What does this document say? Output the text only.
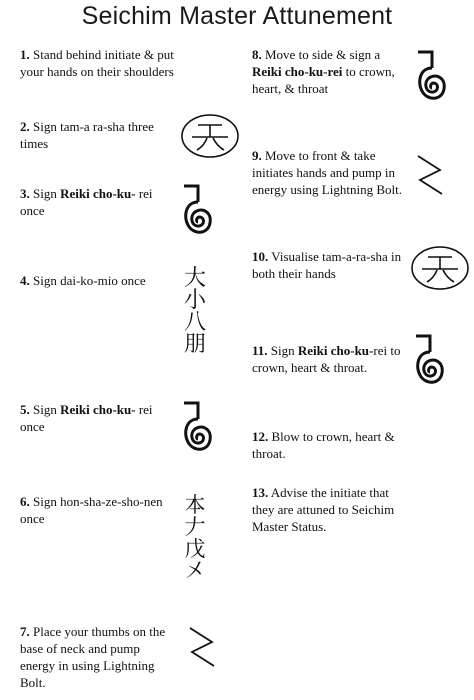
Seichim Master Attunement
1. Stand behind initiate & put your hands on their shoulders
2. Sign tam-a ra-sha three times
3. Sign Reiki cho-ku- rei once
4. Sign dai-ko-mio once
5. Sign Reiki cho-ku- rei once
6. Sign hon-sha-ze-sho-nen once
7. Place your thumbs on the base of neck and pump energy in using Lightning Bolt.
8. Move to side & sign a Reiki cho-ku-rei to crown, heart, & throat
9. Move to front & take initiates hands and pump in energy using Lightning Bolt.
10. Visualise tam-a-ra-sha in both their hands
11. Sign Reiki cho-ku-rei to crown, heart & throat.
12. Blow to crown, heart & throat.
13. Advise the initiate that they are attuned to Seichim Master Status.
大
小
八
朋
本
𠂇
戊
㐅
